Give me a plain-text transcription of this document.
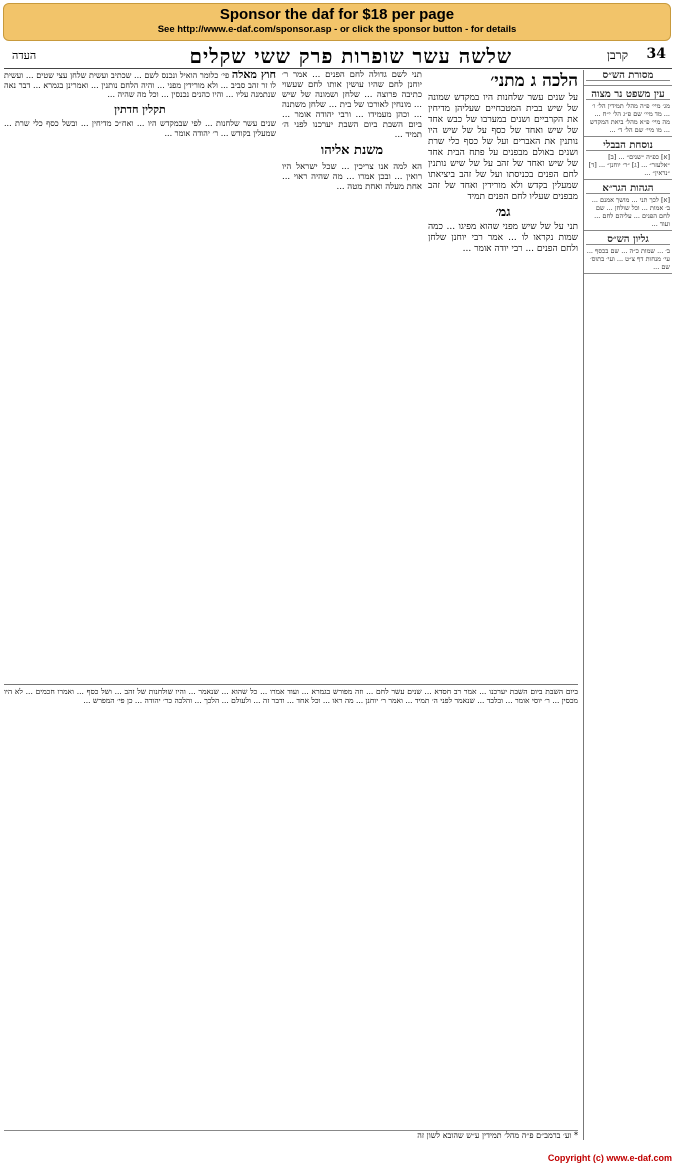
Sponsor the daf for $18 per page
See http://www.e-daf.com/sponsor.asp - or click the sponsor button - for details
34
קרבן
שלשה עשר שופרות פרק ששי שקלים
העדה
מסורת הש״ס
עין משפט נר מצוה
מג׳ מיי׳ פ״ה מהל׳ תמידין הל׳ ו׳ ... מד מיי׳ שם פ״ג הל׳ י״ח ... מה מיי׳ פ״א מהל׳ ביאת המקדש ... מו מיי׳ שם הל׳ ד׳ ...
נוסחת הבבלי
[א] כפ״ה ״שנים״ ... [ב] ״אלעזר״ ... [ג] ״ר׳ יוחנן״ ... [ד] ״נראין״ ...
הגהות הגר״א
[א] לכך תני ... מושך אמנם ... ב׳ אמות ... וכל שולחן ... שם לחם הפנים ... עליהם לחם ... ועוד ...
גליון הש״ס
ב׳ ... שמות כ״ה ... שם בכסף ... עי׳ מנחות דף צ״ט ... ועי׳ בתוס׳ שם ...
הלכה ג מתני׳
על שנים עשר שלחנות היו במקדש שמונה של שיש בבית המטבחיים שעליהן מדיחין את הקרביים ושנים במערבו של כבש אחד של שיש ואחד של כסף על של שיש היו נותנין את האברים ועל של כסף כלי שרת ושנים באולם מבפנים על פתח הבית אחד של שיש ואחד של זהב על של שיש נותנין לחם הפנים בכניסתו ועל של זהב ביציאתו שמעלין בקדש ולא מורידין ואחד של זהב מבפנים שעליו לחם הפנים תמיד
גמ׳
תני על של שיש מפני שהוא מפיגו ... כמה שמות נקראו לו ... אמר רבי יוחנן שלחן ולחם הפנים ... רבי יודה אומר ...
תני לשם גדולה לחם הפנים ... אמר ר׳ יוחנן לחם שהיו עושין אותו לחם שעשוי כתיבה פרוצה ... שלחן ושמונה של שיש ... מונחין לאורכו של בית ... שלחן משתנה ... וכהן מעמידו ... ורבי יהודה אומר ... ביום השבת ביום השבת יערכנו לפני ה׳ תמיד ...
משנת אליהו
הא למה אנו צריכין ... שכל ישראל היו רואין ... ובכן אמרו ... מה שהיה ראוי ... אחת מעלה ואחת מטה ...
חוץ מאלה פי׳ כלומר הואיל ונכנס לשם ... שכתיב ועשית שלחן עצי שטים ... ועשית לו זר זהב סביב ... ולא מורידין מפני ... והיה הלחם נותנין ... ואמרינן בגמרא ... דבר נאה שנתמנה עליו ... והיו כהנים נכנסין ... וכל מה שהיה ...
תקלין חדתין
שנים עשר שלחנות ... לפי שבמקדש היו ... ואח״כ מדיחין ... ובשל כסף כלי שרת ... שמעלין בקודש ... ר׳ יהודה אומר ...
ביום השבת ביום השבת יערכנו ... אמר רב חסדא ... שנים עשר לחם ... וזה מפורש בגמרא ... ועוד אמרו ... כל שהוא ... שנאמר ... והיו שולחנות של זהב ... ושל כסף ... ואמרו חכמים ... לא היו מכסין ... ר׳ יוסי אומר ... ובלבד ... שנאמר לפני ה׳ תמיד ... ואמר ר׳ יוחנן ... מה ראו ... וכל אחד ... ודבר זה ... ולעולם ... הלכך ... והלכה כר׳ יהודה ... כן פי׳ המפרש ...
* וע׳ ברמב״ם פ״ה מהל׳ תמידין ע״ש שהובא לשון זה
Copyright (c) www.e-daf.com
